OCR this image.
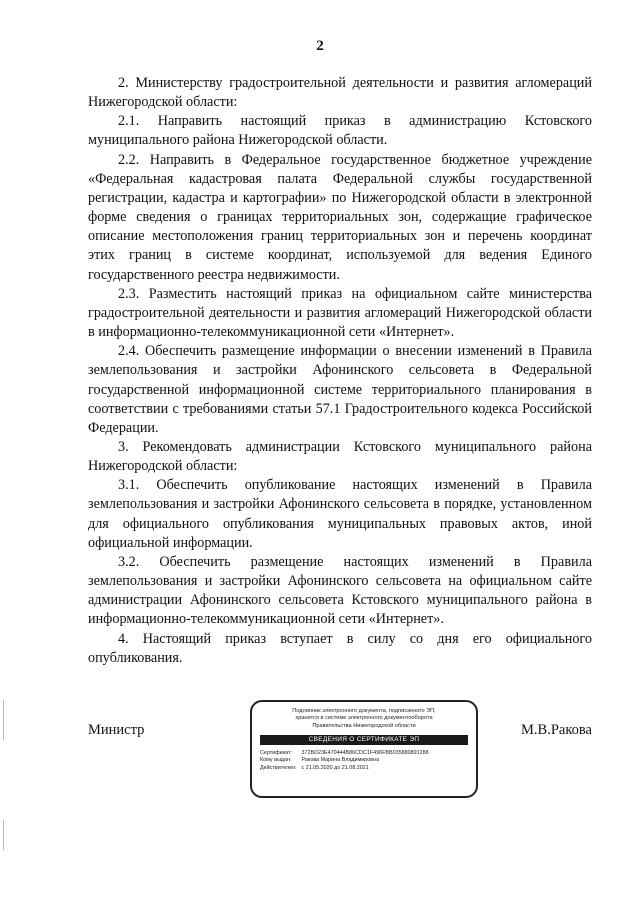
2

2. Министерству градостроительной деятельности и развития агломераций Нижегородской области:

2.1. Направить настоящий приказ в администрацию Кстовского муниципального района Нижегородской области.

2.2. Направить в Федеральное государственное бюджетное учреждение «Федеральная кадастровая палата Федеральной службы государственной регистрации, кадастра и картографии» по Нижегородской области в электронной форме сведения о границах территориальных зон, содержащие графическое описание местоположения границ территориальных зон и перечень координат этих границ в системе координат, используемой для ведения Единого государственного реестра недвижимости.

2.3. Разместить настоящий приказ на официальном сайте министерства градостроительной деятельности и развития агломераций Нижегородской области в информационно-телекоммуникационной сети «Интернет».

2.4. Обеспечить размещение информации о внесении изменений в Правила землепользования и застройки Афонинского сельсовета в Федеральной государственной информационной системе территориального планирования в соответствии с требованиями статьи 57.1 Градостроительного кодекса Российской Федерации.

3. Рекомендовать администрации Кстовского муниципального района Нижегородской области:

3.1. Обеспечить опубликование настоящих изменений в Правила землепользования и застройки Афонинского сельсовета в порядке, установленном для официального опубликования муниципальных правовых актов, иной официальной информации.

3.2. Обеспечить размещение настоящих изменений в Правила землепользования и застройки Афонинского сельсовета на официальном сайте администрации Афонинского сельсовета Кстовского муниципального района в информационно-телекоммуникационной сети «Интернет».

4. Настоящий приказ вступает в силу со дня его официального опубликования.

Министр	М.В.Ракова
Подлинник электронного документа, подписанного ЭП,
хранится в системе электронного документооборота
Правительства Нижегородской области
СВЕДЕНИЯ О СЕРТИФИКАТЕ ЭП
Сертификат: 372BD23E470444B86CDC1F496FBB035880891288
Кому выдан: Ракова Марина Владимировна
Действителен: с 21.05.2020 до 21.08.2021
